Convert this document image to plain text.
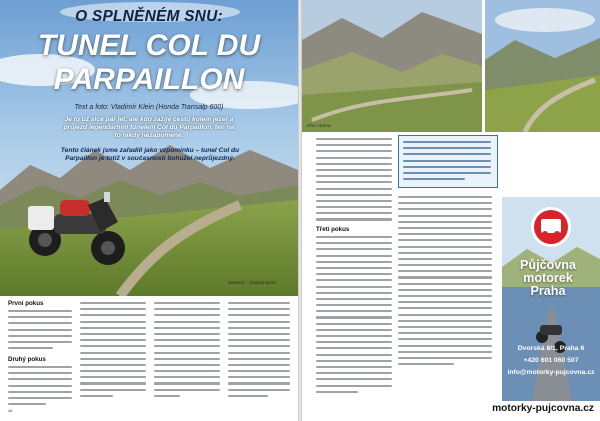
O SPLNĚNÉM SNU:
TUNEL COL DU
PARPAILLON
Text a foto: Vladimír Klein (Honda Transalp 600)
Je to už sice pár let, ale kdo zažije cestu kolem jezer a průjezd legendárním tunelem Col du Parpaillon, ten na to nikdy nezapomene.
Tento článek jsme zařadili jako vzpomínku – tunel Col du Parpaillon je totiž v současnosti bohužel neprůjezdný.
Severní – známý tunel
První pokus
Druhý pokus
46
Jižní strana
Třetí pokus
Půjčovna motorek Praha
Dvorská 8/1, Praha 6
+420 601 060 507
info@motorky-pujcovna.cz
motorky-pujcovna.cz
